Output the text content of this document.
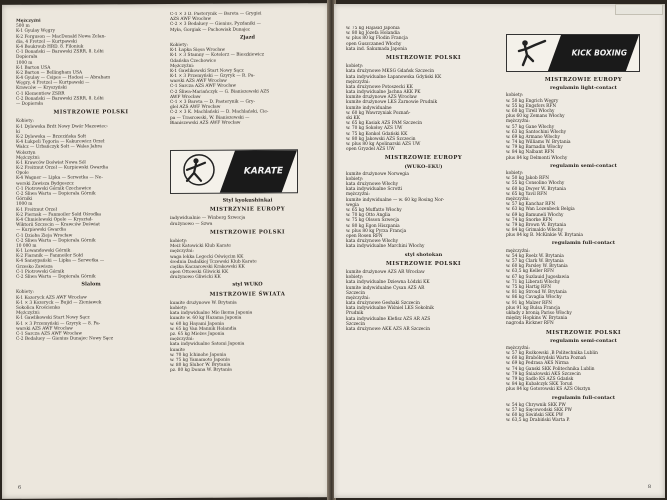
Mężczyźni
500 m
K-1 Gyulay Węgry
K-2 Ferguson — MacDonald Nowa Zelan-
dia, 4 Fretzel — Kurtpawski
K-4 Boukroub HRD. 8. Filoniuk
C-1 Bonański — Barawski ZSRR, 8. Łóbi
Dopierała
1000 m
K-1 Barton USA
K-2 Barton — Bellingham USA
K-4 Gyulay — Csipes — Hodosi — Abraham
Węgry, 4 Fretzel — Kurtpawski —
Krawców — Kryszyński
C-1 Klementiew ZSRR
C-2 Bonański — Barawski ZSRR, 8. Łóbi
— Dopierała
MISTRZOWIE POLSKI
Kobiety:
K-1 Dylewska Brdt Nowy Dwór Mazowiec-
ki
K-2 Dylewska — Brzezińska Sołt
K-4 Łukpeli Tęgoria — Kakurewicz Orzeł
Wałcz — Urbańczyk Sołt — Walas Jabra
Wolsztyn
Mężczyźni:
K-1 Krawców Doświat Nowa Sól
K-2 Freitmut Orzeł — Kurpiewski Gwardia
Opole
K-4 Wagner — Lipka — Serwetka — Ne-
werski Zawisza Bydgoszcz
C-1 Piotrowski Górnik Czechowice
C-2 Śliwa Warta — Dopierała Górnik
Górniki
1000 m
K-1 Freitmut Orzeł
K-2 Piernak — Fanmoiler Sołd Ośrodka
K-4 Chmielewski Opole — Kryształ-
Wiktorii Szczecin — Krawców Doświat
— Kurpiewski Gwardia
C-1 Dzioba Zieja Wrocław
C-2 Śliwa Warta — Dopierała Górnik
10 000 m
K-1 Lewandowski Górnik
K-2 Fiaranik — Fanmoiler Sołd
K-4 Sansypański — Lipka — Serwetka —
Grzesko Zawisza
C-1 Piotrowski Górnik
C-2 Śliwa Warta — Dopierała Górnik
Slalom
Kobiety:
K-1 Kozeryck AZS AWF Wrocław
K-1 × 3 Kozeryck — Bujid — Zieniawek
Sokolica Krościenko
Mężczyźni:
K-1 Gawlikowski Start Nowy Sącz
K-1 × 3 Przemyński — Gzyryk — 8. Pa-
warski AZS AWF Wrocław
C-1 Sarcza AZS AWF Wrocław
C-2 Bedaluey — Gienius Dunajec Nowy Sącz
C-1 × 3 D. Pasterynik — Bareta — Gryglel
AZS AWF Wrocław
C-2 × 3 Bedaluey — Gienius, Pyzdaniki —
Myła, Gorgiak — Pachowiak Dunajec
Zjazd
Kobiety:
K-1 Łapka Sięsa Wrocław
K-1 × 3 Stamny — Kotelerz — Bieszkiewicz
Gdańska Czechowice
Mężczyźni:
K-1 Gawlikowski Start Nowy Sącz
K-1 × 3 Przemyński — Gzyryk — R. Pa-
warski AZS AWF Wrocław
C-1 Sarcza AZS AWF Wrocław
C-2 Śliwa-Mariańczyk — G. Bianiszewski AZS
AWF Wrocław
C-1 × 3 Bareta — D. Pasterynik — Gry-
glel AZS AWF Wrocław
C-2 × 3 K. Machlański — D. Machlański, Cie-
pa — Trasrowski, W. Bianiszewski —
Bianiszewski AZS AWF Wrocław
KARATE
Styl kyokushinkai
MISTRZYNIE EUROPY
indywidualnie — Winberg Szwecja
drużynowo — Szwa
MISTRZOWIE POLSKI
kobiety:
Meiż Katowicki Klub Karate
mężczyźni:
waga lekka Legecki Oświęcim KK
średnia Dadalkiej Tczewski Klub Karate
ciężka Kaczarowski Krakowski KK
open Ottowski Gliwicki KK
drużynowo Gliwicki KK
styl WUKO
MISTRZOWIE ŚWIATA
kumite drużynowe W. Brytania
kobiety:
kata indywidualne Mie Ikema Japonia
kumite w. 60 kg Hazama Japonia
w. 60 kg Hayami Japonia
w. 65 kg Van Mannik Holandia
pz. 65 kg Mieżes Japonia
mężczyźni:
kata indywidualne Satomi Japonia
kumite
w. 70 kg Ichinohe Japonia
w. 75 kg Yamamoto Japonia
w. 80 kg Sluber W. Brytania
pz. 80 kg Donna W. Brytania
6
w. 75 kg Hajasid Japonia
w. 80 kg Józefa Holandia
w. plus 80 kg Flodin Francja
open Guszczaned Włochy
kata ind. Sakumada Japonia
MISTRZOWIE POLSKI
kobiety:
kata drużynowe MKSG Gdańsk Szczecin
kata indywidualne Łapanowska Gdyński KK
mężczyźni:
kata drużynowe Potoszecki KK
kata indywidualne Jachna AKK PK
kumite drużynowe AZS Wrocław
kumite drużynowe LKS Żarnowie Prudnik
kumite indywidualne
w. 60 kg Wawrzyniak Poznań-
ski KK
w. 65 kg Kasiak AZS PAM Szczecin
w. 70 kg Sokołoy AZS UW
w. 75 kg Konkol Gdański KK
w. 80 kg Jakowski AZS Szczecin
w. plus 80 kg Apolinarski AZS UW
open Gryzdel AZS UW
MISTRZOWIE EUROPY
(WUKO–EKU)
kumite drużynowe Norwegia
kobiety:
kata drużynowe Włochy
kata indywidualne Scrotti
mężczyźni:
kumite indywidualne — w. 60 kg Rosing Nor-
wegia
w. 65 kg Muffatto Włochy
w. 70 kg Otto Anglia
w. 75 kg Olsson Szwecja
w. 80 kg Egon Hiszpania
w. plus 80 kg Pyrza Francja
open Rosen RFN
kata drużynowe Włochy
kata indywidualne Marchini Włochy
styl shotokan
MISTRZOWIE POLSKI
kumite drużynowe AZS AR Wrocław
kobiety:
kata indywidualne Dziewna Łódzki KK
kumite indywidualne Cysan AZS AR
Szczecin
mężczyźni:
kata drużynowe Geshaki Szczecin
kata indywidualne Wiśniel LKS Sokolnik
Prudnik
kata indywidualne Klefisz AZS AR AZS
Szczecin
kata drużynowe AKK AZS AR Szczecin
KICK BOXING
MISTRZOWIE EUROPY
regulamin light-contact
kobiety:
w. 50 kg Engrich Węgry
w. 55 kg Engsfors RFN
w. 60 kg Tirell Włochy
plus 60 kg Zemans Włochy
mężczyźni:
w. 57 kg Gane Włochy
w. 63 kg Santochini Włochy
w. 69 kg Armano Włochy
w. 74 kg Williams W. Brytania
w. 79 kg Barnadin Włochy
w. 84 kg Nalbant RFN
plus 84 kg Delmonti Włochy
regulamin semi-contact
kobiety:
w. 50 kg Jakob RFN
w. 55 kg Consolino Włochy
w. 60 kg Dwyer W. Brytania
w. 65 kg Yavil RFN
mężczyźni:
w. 57 kg Kanchar RFN
w. 63 kg Wan Lozenbeck Belgia
w. 69 kg Bamuneli Włochy
w. 74 kg Snorke RFN
w. 79 kg Brown W. Brytania
w. 84 kg Grimaldo Włochy
plus 84 kg B. McKinkie W. Brytania
regulamin full-contact
mężczyźni:
w. 54 kg Roelz W. Brytania
w. 57 kg Clark W. Brytania
w. 60 kg Parsley W. Brytania
w. 63,5 kg Keller RFN
w. 67 kg Suzlauid Jugosławia
w. 71 kg Liberati Włochy
w. 75 kg Hartig RFN
w. 81 kg Stroud W. Brytania
w. 86 kg Cavaglia Włochy
w. 91 kg Malzer RFN
plus 91 kg Bulsa Francja
układy z bronią Pariso Włochy
między Hopkins W. Brytania
nagroda Rickner RFN
MISTRZOWIE POLSKI
regulamin semi-contact
mężczyźni:
w. 57 kg Rożkowski ‚B Politechnika Lublin
w. 60 kg Brabóbrydski Warta Poznań
w. 69 kg Pedrasa AKS Nirma
w. 74 kg Ganski SKK Politechnika Lublin
w. 79 kg Śniażowski AKS Szczecin
w. 79 kg Sadlo KS AZS Gdańsk
w. 84 kg Kubałczyk SKK Toruń
plus 84 kg Gotorowski KS AZS Olsztyn
regulamin full-contact
w. 54 kg Chrywnik SKK PW
w. 57 kg Sięcowodski SKK PW
w. 60 kg Siwiński SKK PW
w. 63,5 kg Drabiński Warta P.
8
